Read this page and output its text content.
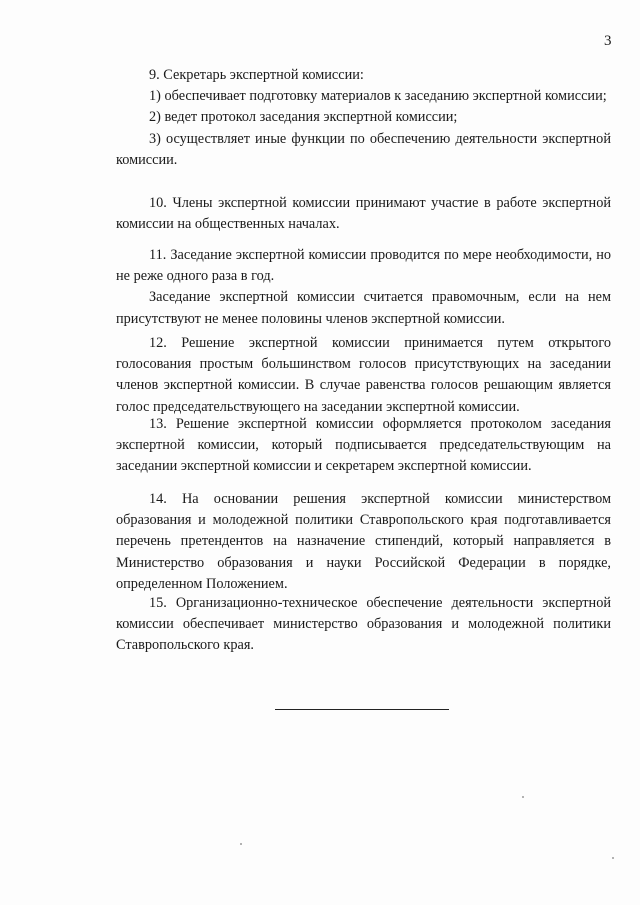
3

9. Секретарь экспертной комиссии:

1) обеспечивает подготовку материалов к заседанию экспертной комиссии;

2) ведет протокол заседания экспертной комиссии;

3) осуществляет иные функции по обеспечению деятельности экспертной комиссии.

10. Члены экспертной комиссии принимают участие в работе экспертной комиссии на общественных началах.

11. Заседание экспертной комиссии проводится по мере необходимости, но не реже одного раза в год.

Заседание экспертной комиссии считается правомочным, если на нем присутствуют не менее половины членов экспертной комиссии.

12. Решение экспертной комиссии принимается путем открытого голосования простым большинством голосов присутствующих на заседании членов экспертной комиссии. В случае равенства голосов решающим является голос председательствующего на заседании экспертной комиссии.

13. Решение экспертной комиссии оформляется протоколом заседания экспертной комиссии, который подписывается председательствующим на заседании экспертной комиссии и секретарем экспертной комиссии.

14. На основании решения экспертной комиссии министерством образования и молодежной политики Ставропольского края подготавливается перечень претендентов на назначение стипендий, который направляется в Министерство образования и науки Российской Федерации в порядке, определенном Положением.

15. Организационно-техническое обеспечение деятельности экспертной комиссии обеспечивает министерство образования и молодежной политики Ставропольского края.
